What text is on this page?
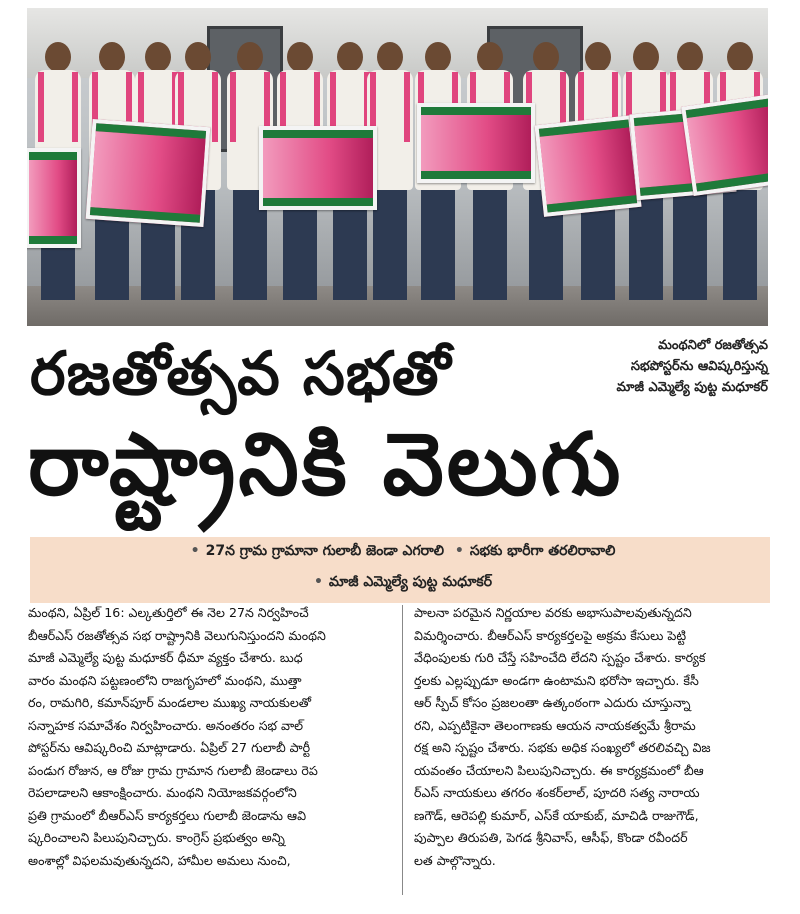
మంథనిలో రజతోత్సవ
సభపోస్టర్‌ను ఆవిష్కరిస్తున్న
మాజీ ఎమ్మెల్యే పుట్ట మధూకర్
రజతోత్సవ సభతో
రాష్ట్రానికి వెలుగు
• 27న గ్రామ గ్రామానా గులాబీ జెండా ఎగరాలి • సభకు భారీగా తరలిరావాలి
• మాజీ ఎమ్మెల్యే పుట్ట మధూకర్
మంథని, ఏప్రిల్ 16: ఎల్కతుర్తిలో ఈ నెల 27న నిర్వహించే
బీఆర్ఎస్ రజతోత్సవ సభ రాష్ట్రానికి వెలుగునిస్తుందని మంథని
మాజీ ఎమ్మెల్యే పుట్ట మధూకర్ ధీమా వ్యక్తం చేశారు. బుధ
వారం మంథని పట్టణంలోని రాజగృహలో మంథని, ముత్తా
రం, రామగిరి, కమాన్‌పూర్ మండలాల ముఖ్య నాయకులతో
సన్నాహక సమావేశం నిర్వహించారు. అనంతరం సభ వాల్
పోస్టర్‌ను ఆవిష్కరించి మాట్లాడారు. ఏప్రిల్ 27 గులాబీ పార్టీ
పండుగ రోజున, ఆ రోజు గ్రామ గ్రామాన గులాబీ జెండాలు రెప
రెపలాడాలని ఆకాంక్షించారు. మంథని నియోజకవర్గంలోని
ప్రతి గ్రామంలో బీఆర్ఎస్ కార్యకర్తలు గులాబీ జెండాను ఆవి
ష్కరించాలని పిలుపునిచ్చారు. కాంగ్రెస్ ప్రభుత్వం అన్ని
అంశాల్లో విఫలమవుతున్నదని, హామీల అమలు నుంచి,
పాలనా పరమైన నిర్ణయాల వరకు అభాసుపాలవుతున్నదని
విమర్శించారు. బీఆర్ఎస్ కార్యకర్తలపై అక్రమ కేసులు పెట్టి
వేధింపులకు గురి చేస్తే సహించేది లేదని స్పష్టం చేశారు. కార్యక
ర్తలకు ఎల్లప్పుడూ అండగా ఉంటామని భరోసా ఇచ్చారు. కేసీ
ఆర్ స్పీచ్ కోసం ప్రజలంతా ఉత్కంఠంగా ఎదురు చూస్తున్నా
రని, ఎప్పటికైనా తెలంగాణకు ఆయన నాయకత్వమే శ్రీరామ
రక్ష అని స్పష్టం చేశారు. సభకు అధిక సంఖ్యలో తరలివచ్చి విజ
యవంతం చేయాలని పిలుపునిచ్చారు. ఈ కార్యక్రమంలో బీఆ
ర్ఎస్ నాయకులు తగరం శంకర్‌లాల్, పూదరి సత్య నారాయ
ణగౌడ్, ఆరెపల్లి కుమార్, ఎస్‌కే యాకుబ్, మాచిడి రాజుగౌడ్,
పుప్పాల తిరుపతి, పెగడ శ్రీనివాస్, ఆసీఫ్, కొండా రవీందర్
లత పాల్గొన్నారు.
